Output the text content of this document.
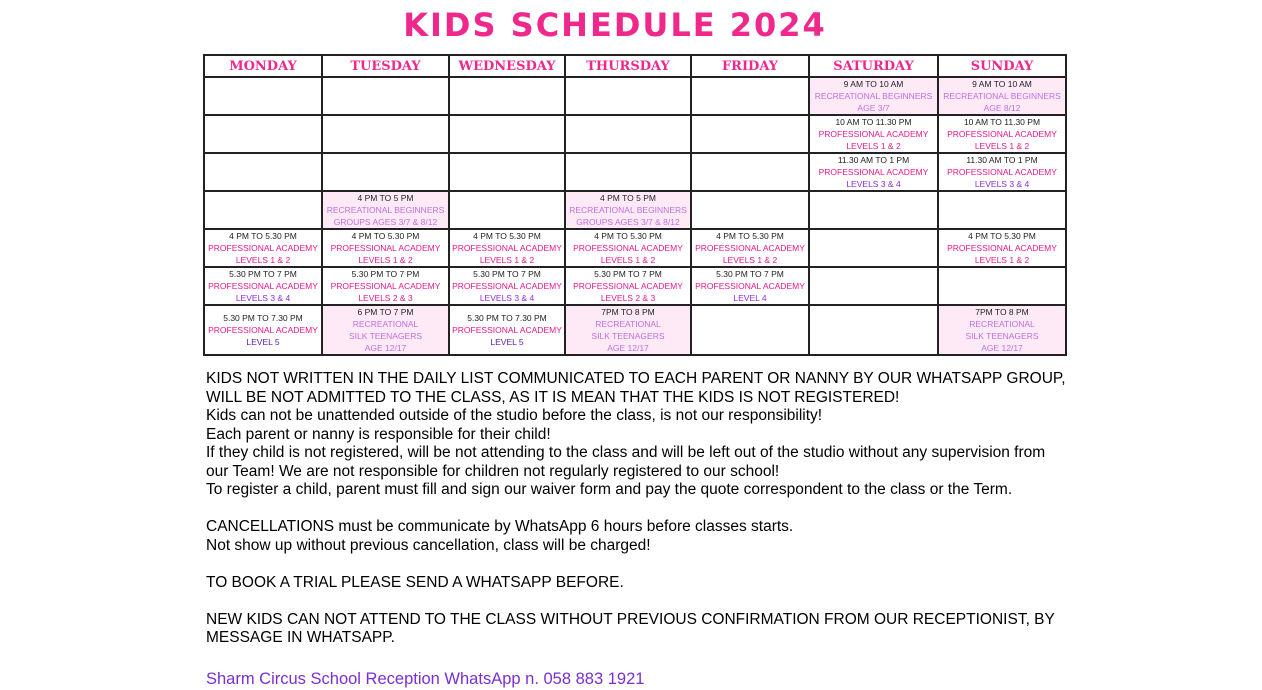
KIDS SCHEDULE 2024
MONDAY	TUESDAY	WEDNESDAY	THURSDAY	FRIDAY	SATURDAY	SUNDAY

					9 AM TO 10 AM
RECREATIONAL BEGINNERS
AGE 3/7	9 AM TO 10 AM
RECREATIONAL BEGINNERS
AGE 8/12

					10 AM TO 11.30 PM
PROFESSIONAL ACADEMY
LEVELS 1 & 2	10 AM TO 11.30 PM
PROFESSIONAL ACADEMY
LEVELS 1 & 2

					11.30 AM TO 1 PM
PROFESSIONAL ACADEMY
LEVELS 3 & 4	11.30 AM TO 1 PM
PROFESSIONAL ACADEMY
LEVELS 3 & 4

	4 PM TO 5 PM
RECREATIONAL BEGINNERS
GROUPS AGES 3/7 & 8/12		4 PM TO 5 PM
RECREATIONAL BEGINNERS
GROUPS AGES 3/7 & 8/12			

4 PM TO 5.30 PM
PROFESSIONAL ACADEMY
LEVELS 1 & 2	4 PM TO 5.30 PM
PROFESSIONAL ACADEMY
LEVELS 1 & 2	4 PM TO 5.30 PM
PROFESSIONAL ACADEMY
LEVELS 1 & 2	4 PM TO 5.30 PM
PROFESSIONAL ACADEMY
LEVELS 1 & 2	4 PM TO 5.30 PM
PROFESSIONAL ACADEMY
LEVELS 1 & 2		4 PM TO 5.30 PM
PROFESSIONAL ACADEMY
LEVELS 1 & 2

5.30 PM TO 7 PM
PROFESSIONAL ACADEMY
LEVELS 3 & 4	5.30 PM TO 7 PM
PROFESSIONAL ACADEMY
LEVELS 2 & 3	5.30 PM TO 7 PM
PROFESSIONAL ACADEMY
LEVELS 3 & 4	5.30 PM TO 7 PM
PROFESSIONAL ACADEMY
LEVELS 2 & 3	5.30 PM TO 7 PM
PROFESSIONAL ACADEMY
LEVEL 4		

5.30 PM TO 7.30 PM
PROFESSIONAL ACADEMY
LEVEL 5	6 PM TO 7 PM
RECREATIONAL
SILK TEENAGERS
AGE 12/17	5.30 PM TO 7.30 PM
PROFESSIONAL ACADEMY
LEVEL 5	7PM TO 8 PM
RECREATIONAL
SILK TEENAGERS
AGE 12/17			7PM TO 8 PM
RECREATIONAL
SILK TEENAGERS
AGE 12/17

KIDS NOT WRITTEN IN THE DAILY LIST COMMUNICATED TO EACH PARENT OR NANNY BY OUR WHATSAPP GROUP, WILL BE NOT ADMITTED TO THE CLASS, AS IT IS MEAN THAT THE KIDS IS NOT REGISTERED!

Kids can not be unattended outside of the studio before the class, is not our responsibility!

Each parent or nanny is responsible for their child!

If they child is not registered, will be not attending to the class and will be left out of the studio without any supervision from our Team! We are not responsible for children not regularly registered to our school!

To register a child, parent must fill and sign our waiver form and pay the quote correspondent to the class or the Term.

CANCELLATIONS must be communicate by WhatsApp 6 hours before classes starts.

Not show up without previous cancellation, class will be charged!

TO BOOK A TRIAL PLEASE SEND A WHATSAPP BEFORE.

NEW KIDS CAN NOT ATTEND TO THE CLASS WITHOUT PREVIOUS CONFIRMATION FROM OUR RECEPTIONIST, BY MESSAGE IN WHATSAPP.

Sharm Circus School Reception WhatsApp n. 058 883 1921
